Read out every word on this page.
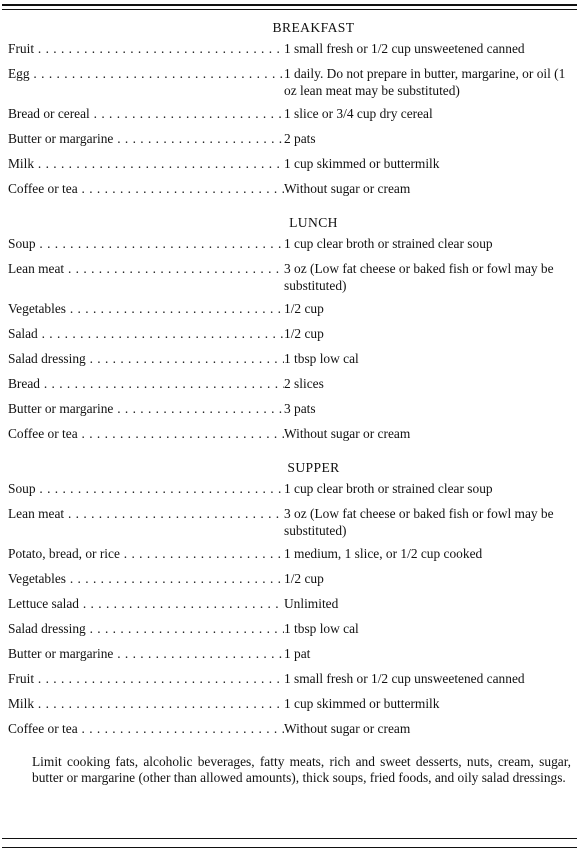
BREAKFAST
Fruit . . .	1 small fresh or 1/2 cup unsweetened canned
Egg . . .	1 daily. Do not prepare in butter, margarine, or oil (1 oz lean meat may be substituted)
Bread or cereal . . .	1 slice or 3/4 cup dry cereal
Butter or margarine . . .	2 pats
Milk . . .	1 cup skimmed or buttermilk
Coffee or tea . . .	Without sugar or cream
LUNCH
Soup . . .	1 cup clear broth or strained clear soup
Lean meat . . .	3 oz (Low fat cheese or baked fish or fowl may be substituted)
Vegetables . . .	1/2 cup
Salad . . .	1/2 cup
Salad dressing . . .	1 tbsp low cal
Bread . . .	2 slices
Butter or margarine . . .	3 pats
Coffee or tea . . .	Without sugar or cream
SUPPER
Soup . . .	1 cup clear broth or strained clear soup
Lean meat . . .	3 oz (Low fat cheese or baked fish or fowl may be substituted)
Potato, bread, or rice . . .	1 medium, 1 slice, or 1/2 cup cooked
Vegetables . . .	1/2 cup
Lettuce salad . . .	Unlimited
Salad dressing . . .	1 tbsp low cal
Butter or margarine . . .	1 pat
Fruit . . .	1 small fresh or 1/2 cup unsweetened canned
Milk . . .	1 cup skimmed or buttermilk
Coffee or tea . . .	Without sugar or cream
Limit cooking fats, alcoholic beverages, fatty meats, rich and sweet desserts, nuts, cream, sugar, butter or margarine (other than allowed amounts), thick soups, fried foods, and oily salad dressings.
